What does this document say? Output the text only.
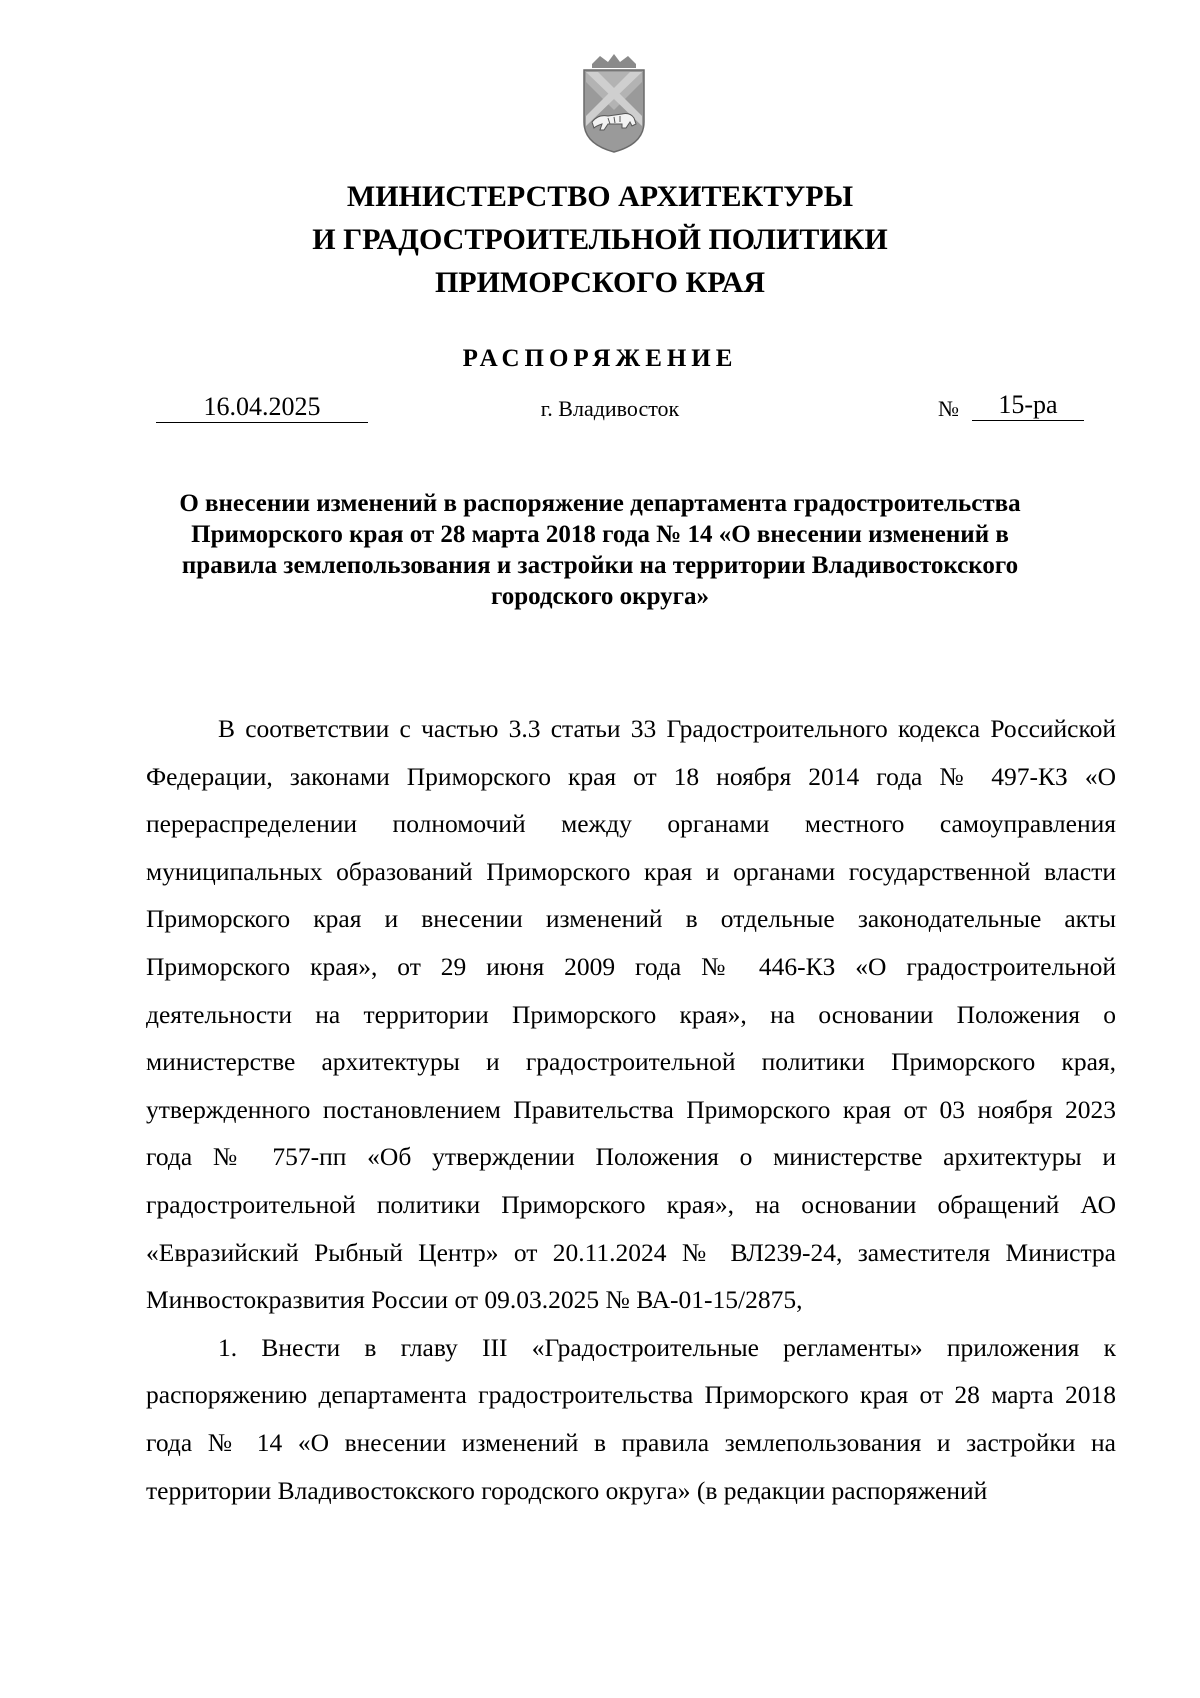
МИНИСТЕРСТВО АРХИТЕКТУРЫ
И ГРАДОСТРОИТЕЛЬНОЙ ПОЛИТИКИ
ПРИМОРСКОГО КРАЯ
РАСПОРЯЖЕНИЕ
16.04.2025	г. Владивосток	№	15-ра
О внесении изменений в распоряжение департамента градостроительства Приморского края от 28 марта 2018 года № 14 «О внесении изменений в правила землепользования и застройки на территории Владивостокского городского округа»

В соответствии с частью 3.3 статьи 33 Градостроительного кодекса Российской Федерации, законами Приморского края от 18 ноября 2014 года № 497-КЗ «О перераспределении полномочий между органами местного самоуправления муниципальных образований Приморского края и органами государственной власти Приморского края и внесении изменений в отдельные законодательные акты Приморского края», от 29 июня 2009 года № 446-КЗ «О градостроительной деятельности на территории Приморского края», на основании Положения о министерстве архитектуры и градостроительной политики Приморского края, утвержденного постановлением Правительства Приморского края от 03 ноября 2023 года № 757-пп «Об утверждении Положения о министерстве архитектуры и градостроительной политики Приморского края», на основании обращений АО «Евразийский Рыбный Центр» от 20.11.2024 № ВЛ239-24, заместителя Министра Минвостокразвития России от 09.03.2025 № ВА-01-15/2875,

1. Внести в главу III «Градостроительные регламенты» приложения к распоряжению департамента градостроительства Приморского края от 28 марта 2018 года № 14 «О внесении изменений в правила землепользования и застройки на территории Владивостокского городского округа» (в редакции распоряжений
